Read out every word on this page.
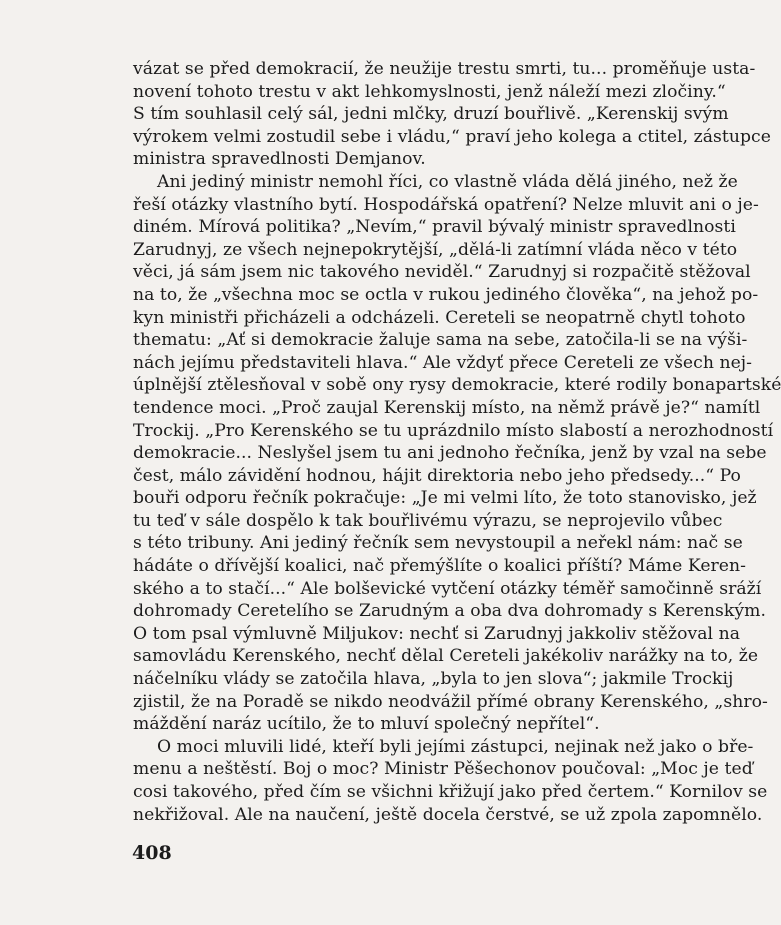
vázat se před demokracií, že neužije trestu smrti, tu... proměňuje usta-
novení tohoto trestu v akt lehkomyslnosti, jenž náleží mezi zločiny.“
S tím souhlasil celý sál, jedni mlčky, druzí bouřlivě. „Kerenskij svým
výrokem velmi zostudil sebe i vládu,“ praví jeho kolega a ctitel, zástupce
ministra spravedlnosti Demjanov.
Ani jediný ministr nemohl říci, co vlastně vláda dělá jiného, než že
řeší otázky vlastního bytí. Hospodářská opatření? Nelze mluvit ani o je-
diném. Mírová politika? „Nevím,“ pravil bývalý ministr spravedlnosti
Zarudnyj, ze všech nejnepokrytější, „dělá-li zatímní vláda něco v této
věci, já sám jsem nic takového neviděl.“ Zarudnyj si rozpačitě stěžoval
na to, že „všechna moc se octla v rukou jediného člověka“, na jehož po-
kyn ministři přicházeli a odcházeli. Cereteli se neopatrně chytl tohoto
thematu: „Ať si demokracie žaluje sama na sebe, zatočila-li se na výši-
nách jejímu představiteli hlava.“ Ale vždyť přece Cereteli ze všech nej-
úplnější ztělesňoval v sobě ony rysy demokracie, které rodily bonapartské
tendence moci. „Proč zaujal Kerenskij místo, na němž právě je?“ namítl
Trockij. „Pro Kerenského se tu uprázdnilo místo slabostí a nerozhodností
demokracie... Neslyšel jsem tu ani jednoho řečníka, jenž by vzal na sebe
čest, málo závidění hodnou, hájit direktoria nebo jeho předsedy...“ Po
bouři odporu řečník pokračuje: „Je mi velmi líto, že toto stanovisko, jež
tu teď v sále dospělo k tak bouřlivému výrazu, se neprojevilo vůbec
s této tribuny. Ani jediný řečník sem nevystoupil a neřekl nám: nač se
hádáte o dřívější koalici, nač přemýšlíte o koalici příští? Máme Keren-
ského a to stačí...“ Ale bolševické vytčení otázky téměř samočinně sráží
dohromady Ceretelího se Zarudným a oba dva dohromady s Kerenským.
O tom psal výmluvně Miljukov: nechť si Zarudnyj jakkoliv stěžoval na
samovládu Kerenského, nechť dělal Cereteli jakékoliv narážky na to, že
náčelníku vlády se zatočila hlava, „byla to jen slova“; jakmile Trockij
zjistil, že na Poradě se nikdo neodvážil přímé obrany Kerenského, „shro-
máždění naráz ucítilo, že to mluví společný nepřítel“.
O moci mluvili lidé, kteří byli jejími zástupci, nejinak než jako o bře-
menu a neštěstí. Boj o moc? Ministr Pěšechonov poučoval: „Moc je teď
cosi takového, před čím se všichni křižují jako před čertem.“ Kornilov se
nekřižoval. Ale na naučení, ještě docela čerstvé, se už zpola zapomnělo.
408
